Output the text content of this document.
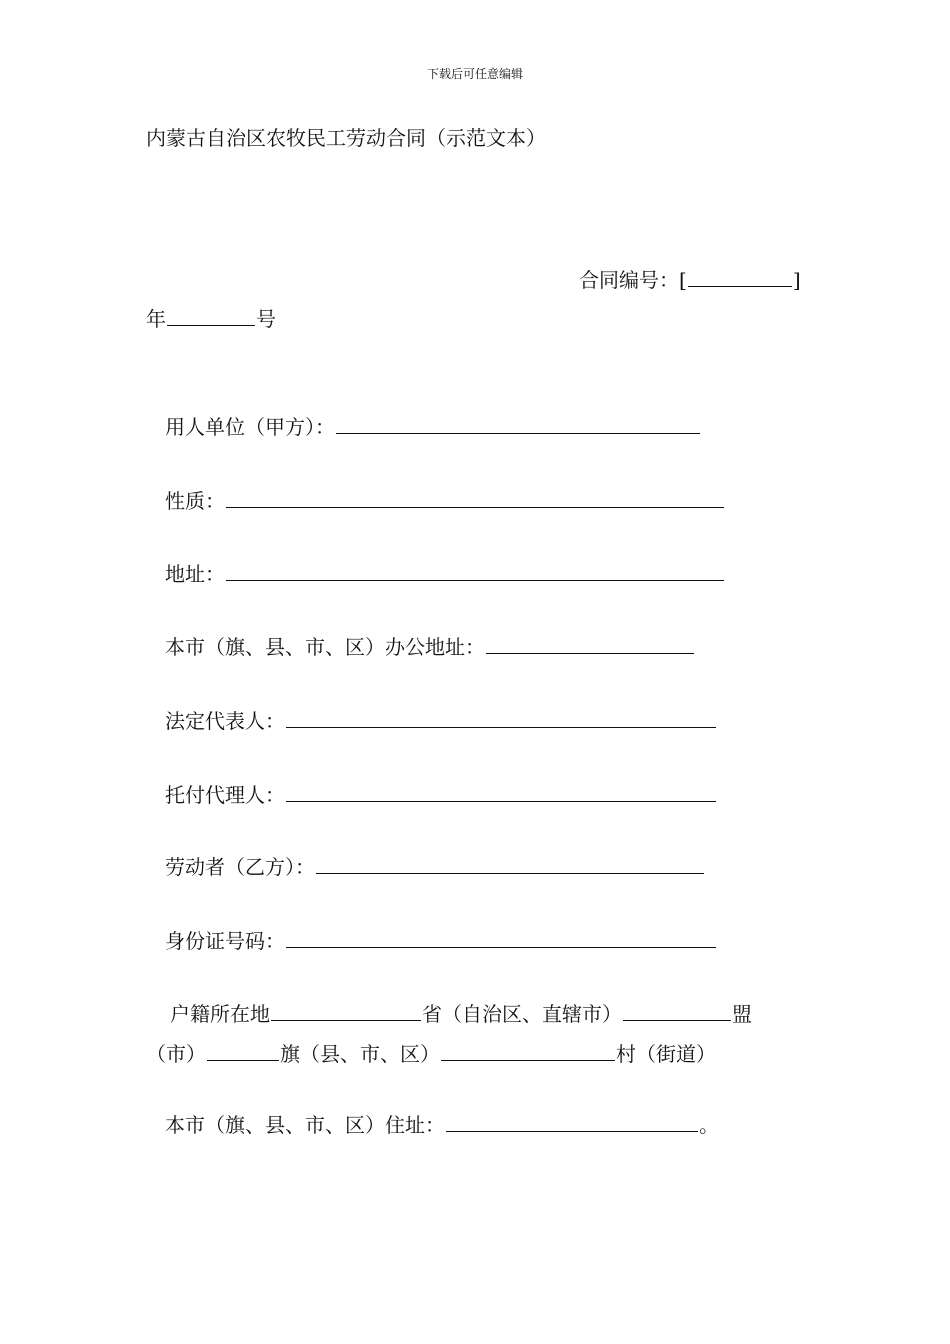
下载后可任意编辑
内蒙古自治区农牧民工劳动合同（示范文本）
合同编号：[	]
年	号
用人单位（甲方）：
性质：
地址：
本市（旗、县、市、区）办公地址：
法定代表人：
托付代理人：
劳动者（乙方）：
身份证号码：
户籍所在地	省（自治区、直辖市）	盟
（市）	旗（县、市、区）	村（街道）
本市（旗、县、市、区）住址：	。
